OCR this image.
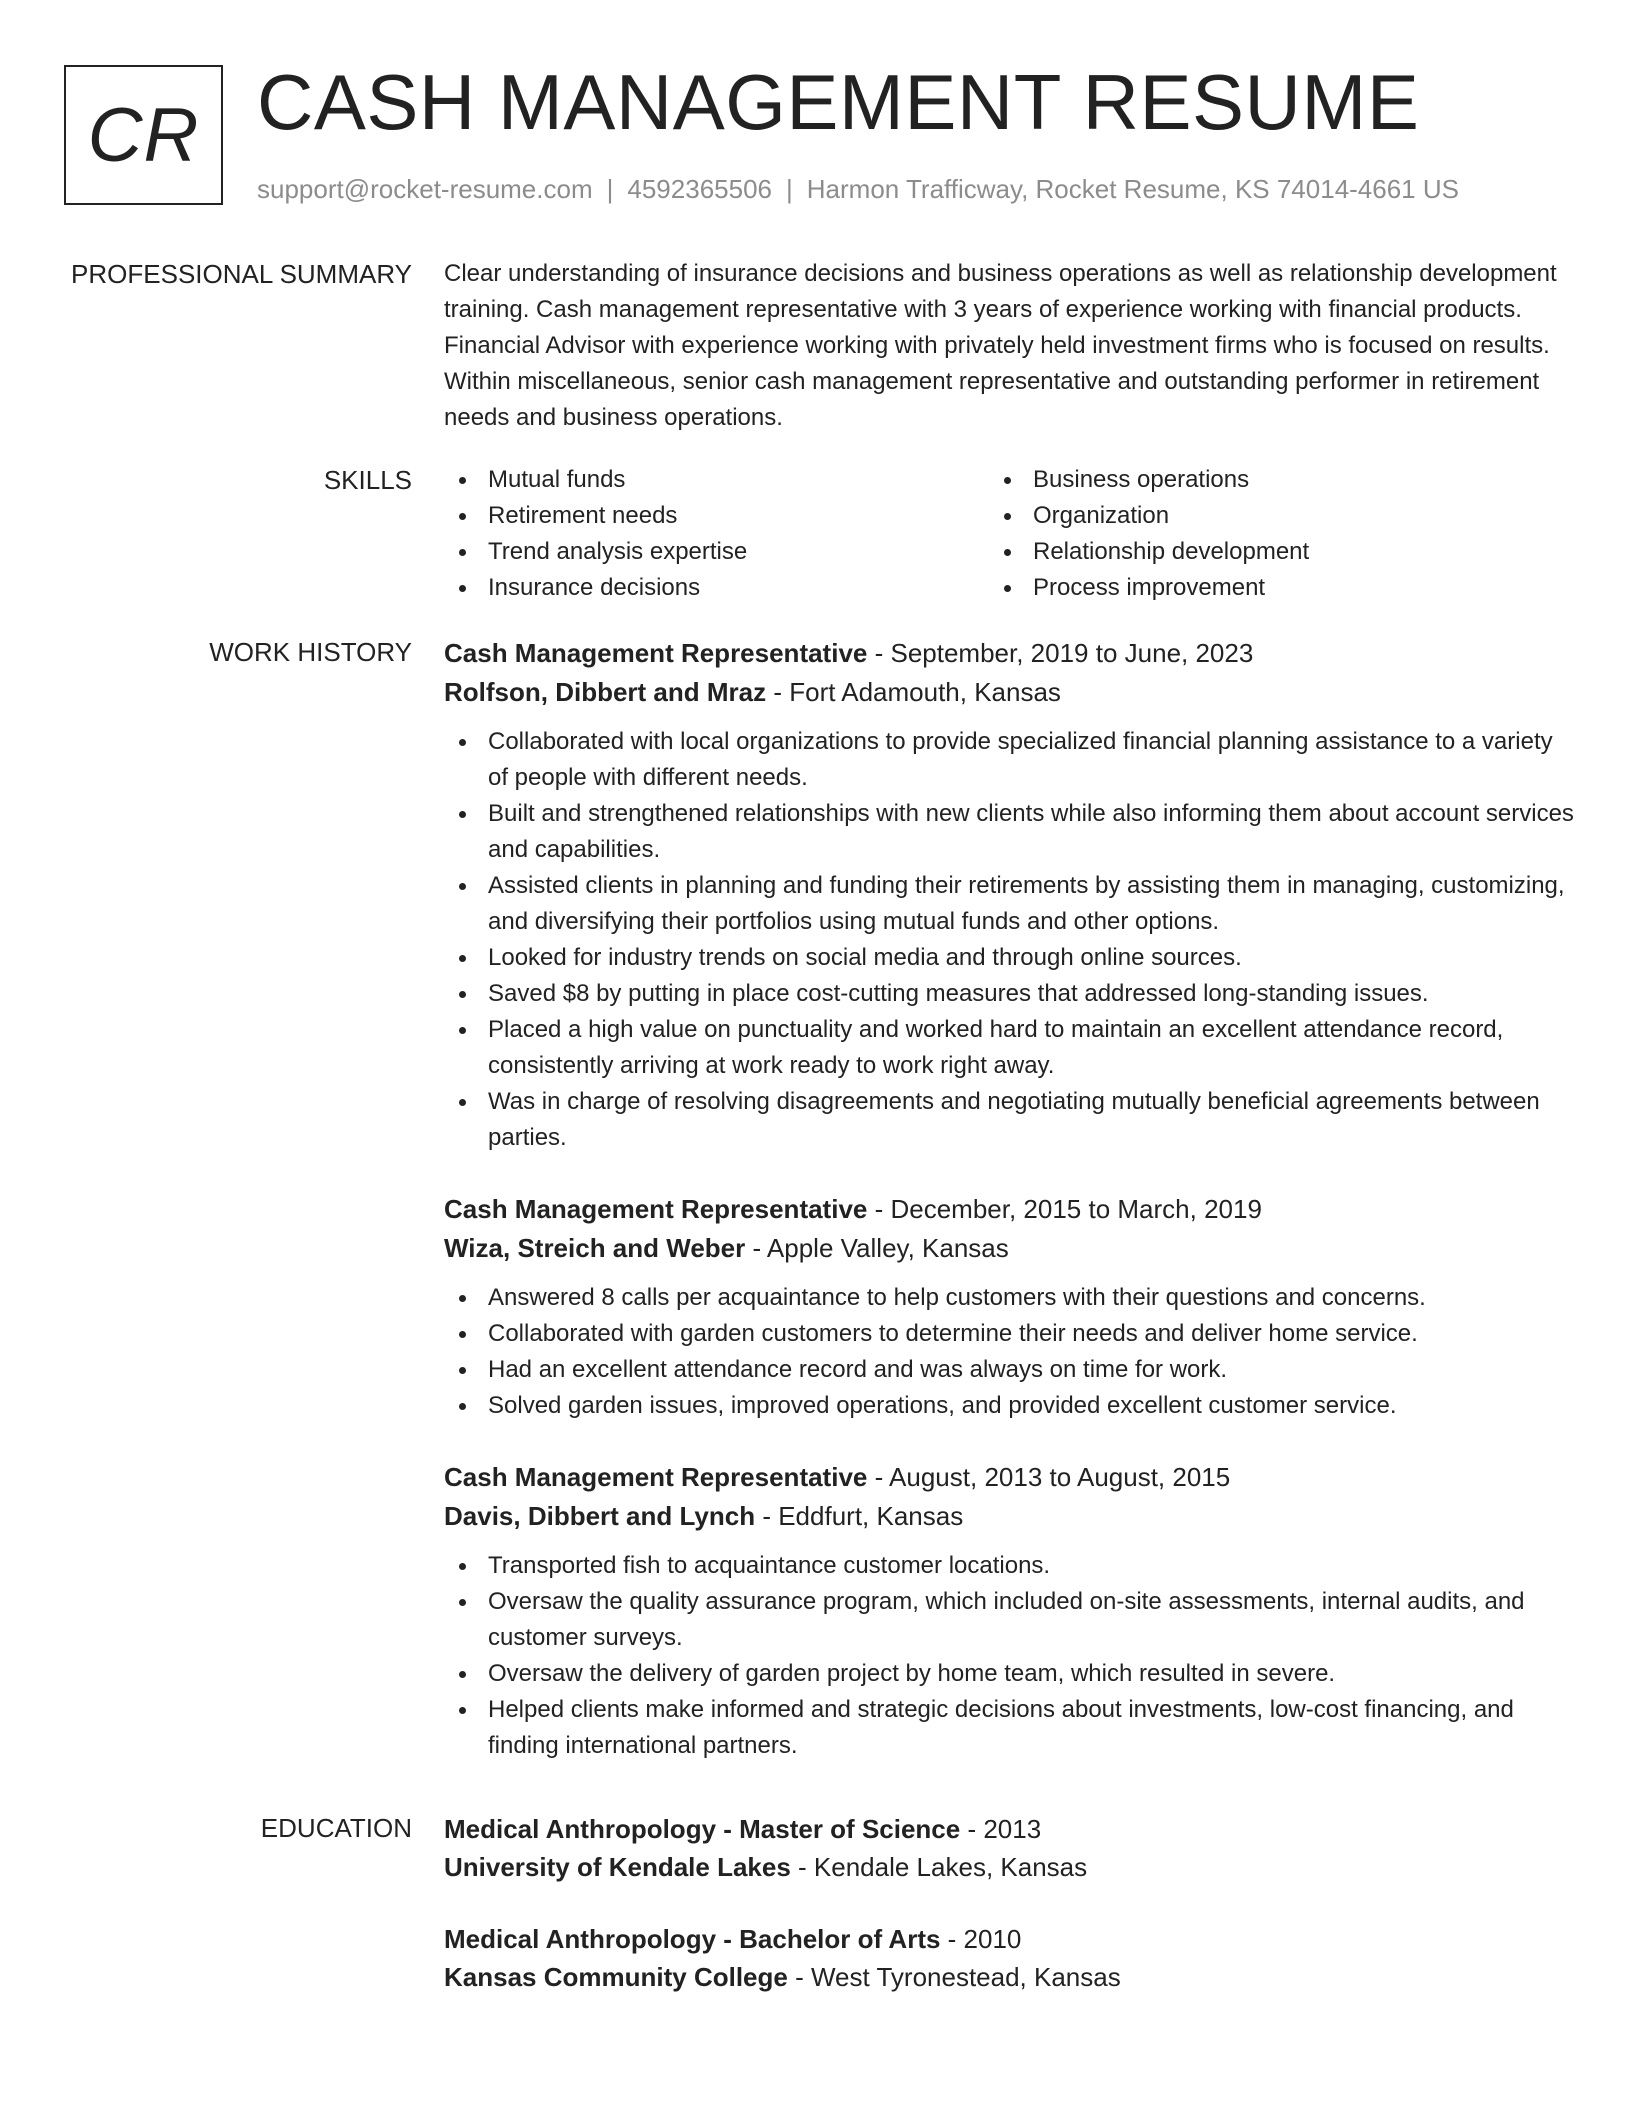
CR CASH MANAGEMENT RESUME
support@rocket-resume.com | 4592365506 | Harmon Trafficway, Rocket Resume, KS 74014-4661 US
PROFESSIONAL SUMMARY Clear understanding of insurance decisions and business operations as well as relationship development training. Cash management representative with 3 years of experience working with financial products. Financial Advisor with experience working with privately held investment firms who is focused on results. Within miscellaneous, senior cash management representative and outstanding performer in retirement needs and business operations.

SKILLS	Mutual funds
Retirement needs
Trend analysis expertise
Insurance decisions
Business operations
Organization
Relationship development
Process improvement
WORK HISTORY Cash Management Representative - September, 2019 to June, 2023
Rolfson, Dibbert and Mraz - Fort Adamouth, Kansas
Collaborated with local organizations to provide specialized financial planning assistance to a variety of people with different needs.
Built and strengthened relationships with new clients while also informing them about account services and capabilities.
Assisted clients in planning and funding their retirements by assisting them in managing, customizing, and diversifying their portfolios using mutual funds and other options.
Looked for industry trends on social media and through online sources.
Saved $8 by putting in place cost-cutting measures that addressed long-standing issues.
Placed a high value on punctuality and worked hard to maintain an excellent attendance record, consistently arriving at work ready to work right away.
Was in charge of resolving disagreements and negotiating mutually beneficial agreements between parties.
Cash Management Representative - December, 2015 to March, 2019
Wiza, Streich and Weber - Apple Valley, Kansas
Answered 8 calls per acquaintance to help customers with their questions and concerns.
Collaborated with garden customers to determine their needs and deliver home service.
Had an excellent attendance record and was always on time for work.
Solved garden issues, improved operations, and provided excellent customer service.
Cash Management Representative - August, 2013 to August, 2015
Davis, Dibbert and Lynch - Eddfurt, Kansas
Transported fish to acquaintance customer locations.
Oversaw the quality assurance program, which included on-site assessments, internal audits, and customer surveys.
Oversaw the delivery of garden project by home team, which resulted in severe.
Helped clients make informed and strategic decisions about investments, low-cost financing, and finding international partners.
EDUCATION Medical Anthropology - Master of Science - 2013
University of Kendale Lakes - Kendale Lakes, Kansas
Medical Anthropology - Bachelor of Arts - 2010
Kansas Community College - West Tyronestead, Kansas
